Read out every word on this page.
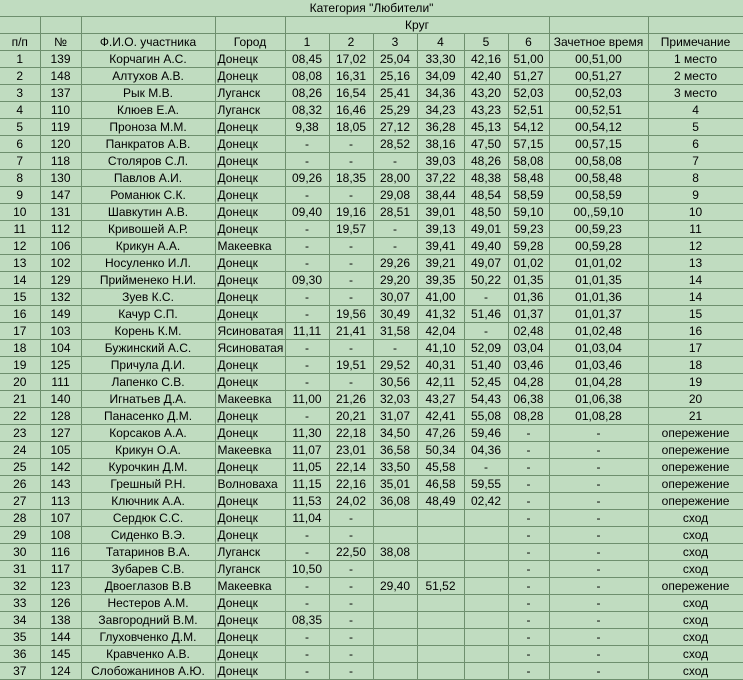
Категория "Любители"											
				Круг							
п/п	№	Ф.И.О. участника	Город	1	2	3	4	5	6	Зачетное время	Примечание
1	139	Корчагин А.С.	Донецк	08,45	17,02	25,04	33,30	42,16	51,00	00,51,00	1 место
2	148	Алтухов А.В.	Донецк	08,08	16,31	25,16	34,09	42,40	51,27	00,51,27	2 место
3	137	Рык М.В.	Луганск	08,26	16,54	25,41	34,36	43,20	52,03	00,52,03	3 место
4	110	Клюев Е.А.	Луганск	08,32	16,46	25,29	34,23	43,23	52,51	00,52,51	4
5	119	Проноза М.М.	Донецк	9,38	18,05	27,12	36,28	45,13	54,12	00,54,12	5
6	120	Панкратов А.В.	Донецк	-	-	28,52	38,16	47,50	57,15	00,57,15	6
7	118	Столяров С.Л.	Донецк	-	-	-	39,03	48,26	58,08	00,58,08	7
8	130	Павлов А.И.	Донецк	09,26	18,35	28,00	37,22	48,38	58,48	00,58,48	8
9	147	Романюк С.К.	Донецк	-	-	29,08	38,44	48,54	58,59	00,58,59	9
10	131	Шавкутин А.В.	Донецк	09,40	19,16	28,51	39,01	48,50	59,10	00,,59,10	10
11	112	Кривошей А.Р.	Донецк	-	19,57	-	39,13	49,01	59,23	00,59,23	11
12	106	Крикун А.А.	Макеевка	-	-	-	39,41	49,40	59,28	00,59,28	12
13	102	Носуленко И.Л.	Донецк	-	-	29,26	39,21	49,07	01,02	01,01,02	13
14	129	Прийменеко Н.И.	Донецк	09,30	-	29,20	39,35	50,22	01,35	01,01,35	14
15	132	Зуев К.С.	Донецк	-	-	30,07	41,00	-	01,36	01,01,36	14
16	149	Качур С.П.	Донецк	-	19,56	30,49	41,32	51,46	01,37	01,01,37	15
17	103	Корень К.М.	Ясиноватая	11,11	21,41	31,58	42,04	-	02,48	01,02,48	16
18	104	Бужинский А.С.	Ясиноватая	-	-	-	41,10	52,09	03,04	01,03,04	17
19	125	Причула Д.И.	Донецк	-	19,51	29,52	40,31	51,40	03,46	01,03,46	18
20	111	Лапенко С.В.	Донецк	-	-	30,56	42,11	52,45	04,28	01,04,28	19
21	140	Игнатьев Д.А.	Макеевка	11,00	21,26	32,03	43,27	54,43	06,38	01,06,38	20
22	128	Панасенко Д.М.	Донецк	-	20,21	31,07	42,41	55,08	08,28	01,08,28	21
23	127	Корсаков А.А.	Донецк	11,30	22,18	34,50	47,26	59,46	-	-	опережение
24	105	Крикун О.А.	Макеевка	11,07	23,01	36,58	50,34	04,36	-	-	опережение
25	142	Курочкин Д.М.	Донецк	11,05	22,14	33,50	45,58	-	-	-	опережение
26	143	Грешный Р.Н.	Волноваха	11,15	22,16	35,01	46,58	59,55	-	-	опережение
27	113	Ключник А.А.	Донецк	11,53	24,02	36,08	48,49	02,42	-	-	опережение
28	107	Сердюк С.С.	Донецк	11,04	-				-	-	сход
29	108	Сиденко В.Э.	Донецк	-	-				-	-	сход
30	116	Татаринов В.А.	Луганск	-	22,50	38,08			-	-	сход
31	117	Зубарев С.В.	Луганск	10,50	-				-	-	сход
32	123	Двоеглазов В.В	Макеевка	-	-	29,40	51,52		-	-	опережение
33	126	Нестеров А.М.	Донецк	-	-				-	-	сход
34	138	Завгородний В.М.	Донецк	08,35	-				-	-	сход
35	144	Глуховченко Д.М.	Донецк	-	-				-	-	сход
36	145	Кравченко А.В.	Донецк	-	-				-	-	сход
37	124	Слобожанинов А.Ю.	Донецк	-	-				-	-	сход
